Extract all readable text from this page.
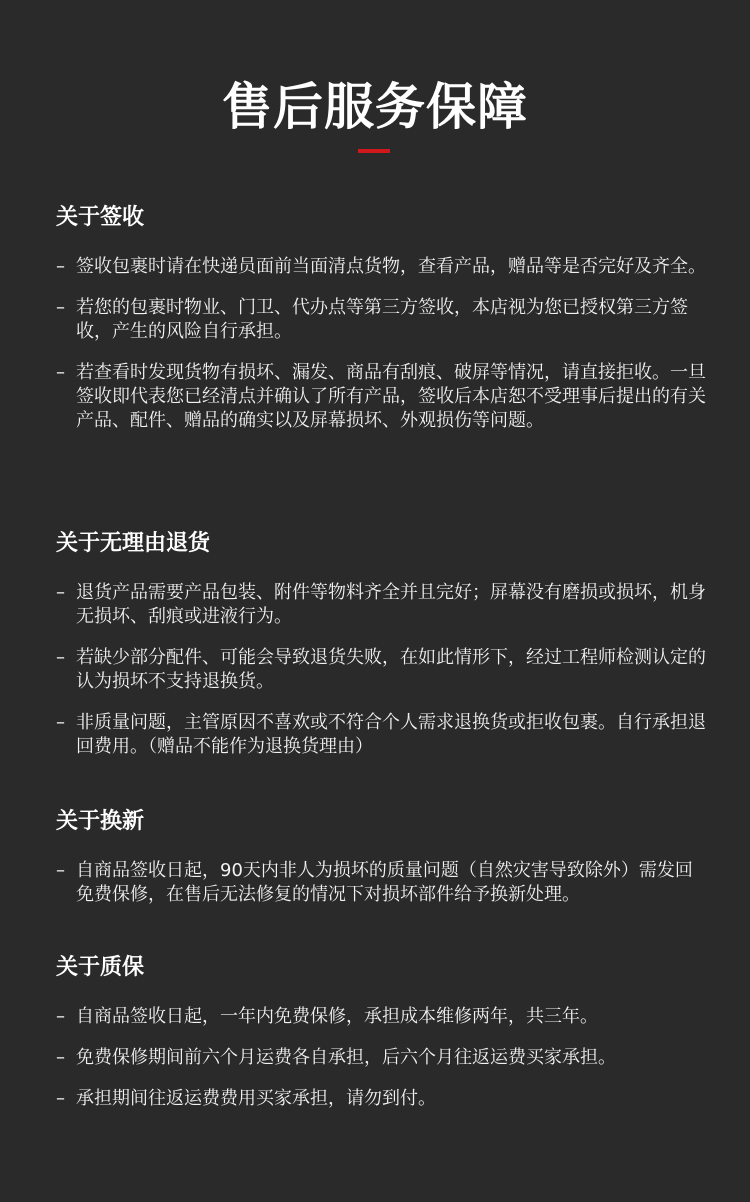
售后服务保障
关于签收
– 签收包裹时请在快递员面前当面清点货物，查看产品，赠品等是否完好及齐全。
– 若您的包裹时物业、门卫、代办点等第三方签收，本店视为您已授权第三方签收，产生的风险自行承担。
– 若查看时发现货物有损坏、漏发、商品有刮痕、破屏等情况，请直接拒收。一旦签收即代表您已经清点并确认了所有产品，签收后本店恕不受理事后提出的有关产品、配件、赠品的确实以及屏幕损坏、外观损伤等问题。
关于无理由退货
– 退货产品需要产品包装、附件等物料齐全并且完好；屏幕没有磨损或损坏，机身无损坏、刮痕或进液行为。
– 若缺少部分配件、可能会导致退货失败，在如此情形下，经过工程师检测认定的认为损坏不支持退换货。
– 非质量问题，主管原因不喜欢或不符合个人需求退换货或拒收包裹。自行承担退回费用。（赠品不能作为退换货理由）
关于换新
– 自商品签收日起，90天内非人为损坏的质量问题（自然灾害导致除外）需发回免费保修，在售后无法修复的情况下对损坏部件给予换新处理。
关于质保
– 自商品签收日起，一年内免费保修，承担成本维修两年，共三年。
– 免费保修期间前六个月运费各自承担，后六个月往返运费买家承担。
– 承担期间往返运费费用买家承担，请勿到付。
